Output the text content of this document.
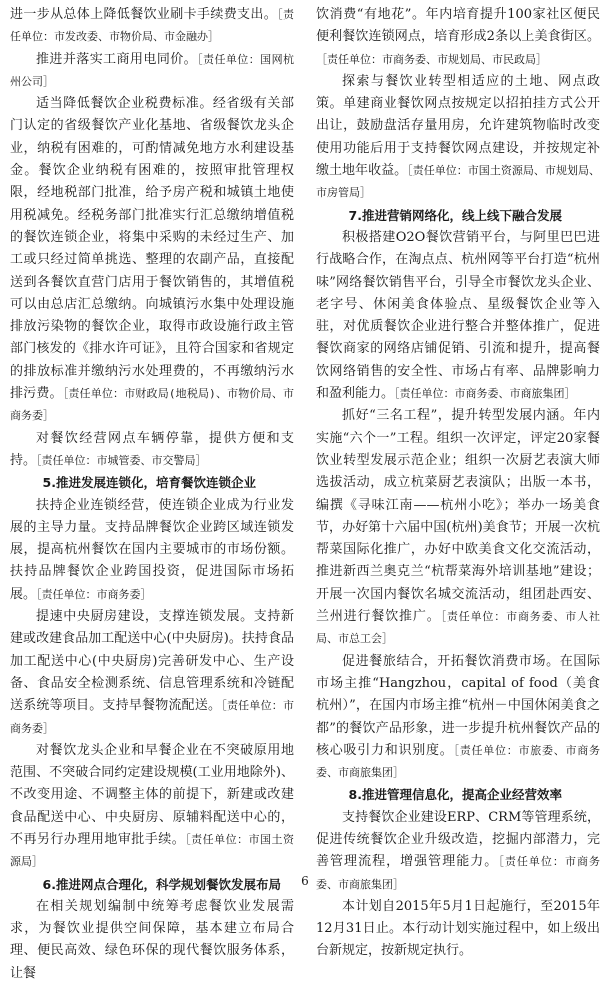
进一步从总体上降低餐饮业刷卡手续费支出。［责任单位：市发改委、市物价局、市金融办］

推进并落实工商用电同价。［责任单位：国网杭州公司］

适当降低餐饮企业税费标准。经省级有关部门认定的省级餐饮产业化基地、省级餐饮龙头企业，纳税有困难的，可酌情减免地方水利建设基金。餐饮企业纳税有困难的，按照审批管理权限，经地税部门批准，给予房产税和城镇土地使用税减免。经税务部门批准实行汇总缴纳增值税的餐饮连锁企业，将集中采购的未经过生产、加工或只经过简单挑选、整理的农副产品，直接配送到各餐饮直营门店用于餐饮销售的，其增值税可以由总店汇总缴纳。向城镇污水集中处理设施排放污染物的餐饮企业，取得市政设施行政主管部门核发的《排水许可证》，且符合国家和省规定的排放标准并缴纳污水处理费的，不再缴纳污水排污费。［责任单位：市财政局(地税局)、市物价局、市商务委］

对餐饮经营网点车辆停靠，提供方便和支持。［责任单位：市城管委、市交警局］

5.推进发展连锁化，培育餐饮连锁企业

扶持企业连锁经营，使连锁企业成为行业发展的主导力量。支持品牌餐饮企业跨区域连锁发展，提高杭州餐饮在国内主要城市的市场份额。扶持品牌餐饮企业跨国投资，促进国际市场拓展。［责任单位：市商务委］

提速中央厨房建设，支撑连锁发展。支持新建或改建食品加工配送中心(中央厨房)。扶持食品加工配送中心(中央厨房)完善研发中心、生产设备、食品安全检测系统、信息管理系统和冷链配送系统等项目。支持早餐物流配送。［责任单位：市商务委］

对餐饮龙头企业和早餐企业在不突破原用地范围、不突破合同约定建设规模(工业用地除外)、不改变用途、不调整主体的前提下，新建或改建食品配送中心、中央厨房、原辅料配送中心的，不再另行办理用地审批手续。［责任单位：市国土资源局］

6.推进网点合理化，科学规划餐饮发展布局

在相关规划编制中统筹考虑餐饮业发展需求，为餐饮业提供空间保障，基本建立布局合理、便民高效、绿色环保的现代餐饮服务体系，让餐

饮消费“有地花”。年内培育提升100家社区便民便利餐饮连锁网点，培育形成2条以上美食街区。［责任单位：市商务委、市规划局、市民政局］

探索与餐饮业转型相适应的土地、网点政策。单建商业餐饮网点按规定以招拍挂方式公开出让，鼓励盘活存量用房，允许建筑物临时改变使用功能后用于支持餐饮网点建设，并按规定补缴土地年收益。［责任单位：市国土资源局、市规划局、市房管局］

7.推进营销网络化，线上线下融合发展

积极搭建O2O餐饮营销平台，与阿里巴巴进行战略合作，在淘点点、杭州网等平台打造“杭州味”网络餐饮销售平台，引导全市餐饮龙头企业、老字号、休闲美食体验点、星级餐饮企业等入驻，对优质餐饮企业进行整合并整体推广，促进餐饮商家的网络店铺促销、引流和提升，提高餐饮网络销售的安全性、市场占有率、品牌影响力和盈利能力。［责任单位：市商务委、市商旅集团］

抓好“三名工程”，提升转型发展内涵。年内实施“六个一”工程。组织一次评定，评定20家餐饮业转型发展示范企业；组织一次厨艺表演大师选拔活动，成立杭菜厨艺表演队；出版一本书，编撰《寻味江南——杭州小吃》；举办一场美食节，办好第十六届中国(杭州)美食节；开展一次杭帮菜国际化推广，办好中欧美食文化交流活动，推进新西兰奥克兰“杭帮菜海外培训基地”建设；开展一次国内餐饮名城交流活动，组团赴西安、兰州进行餐饮推广。［责任单位：市商务委、市人社局、市总工会］

促进餐旅结合，开拓餐饮消费市场。在国际市场主推“Hangzhou，capital of food（美食杭州）”，在国内市场主推“杭州－中国休闲美食之都”的餐饮产品形象，进一步提升杭州餐饮产品的核心吸引力和识别度。［责任单位：市旅委、市商务委、市商旅集团］

8.推进管理信息化，提高企业经营效率

支持餐饮企业建设ERP、CRM等管理系统，促进传统餐饮企业升级改造，挖掘内部潜力，完善管理流程，增强管理能力。［责任单位：市商务委、市商旅集团］

本计划自2015年5月1日起施行，至2015年12月31日止。本行动计划实施过程中，如上级出台新规定，按新规定执行。

6
